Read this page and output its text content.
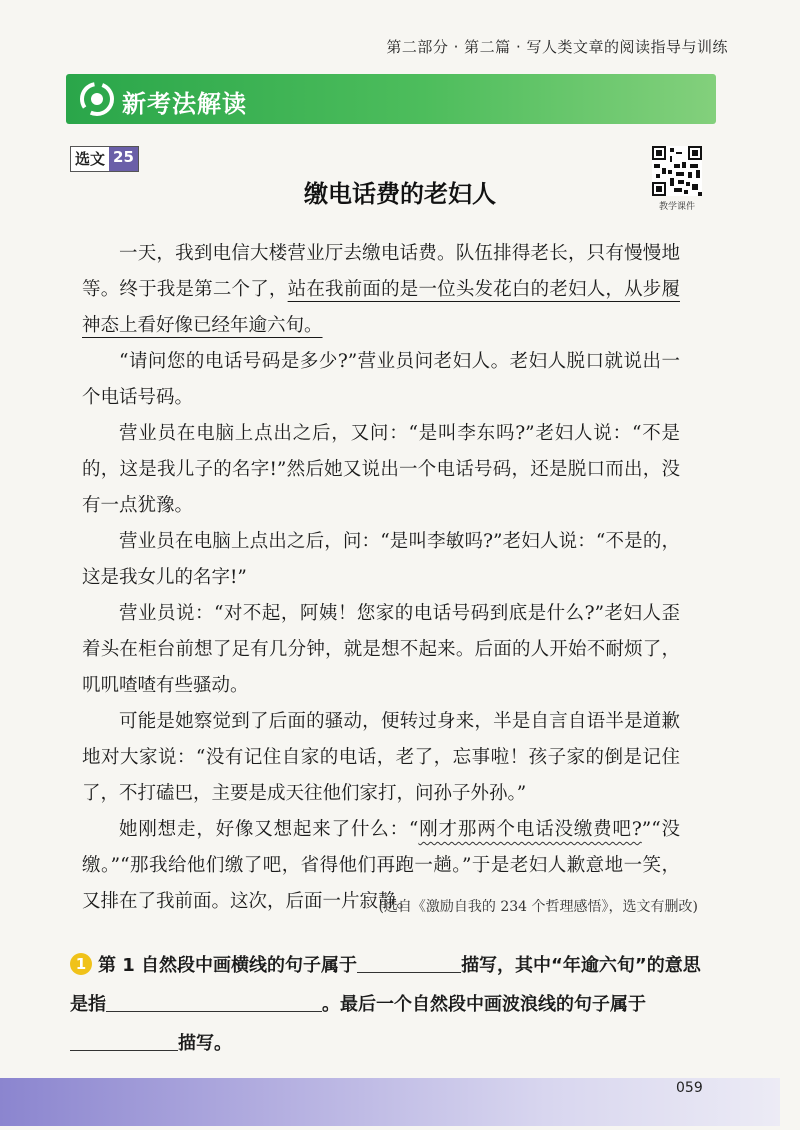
第二部分 · 第二篇 · 写人类文章的阅读指导与训练
新考法解读
选文 25
教学课件
缴电话费的老妇人

一天，我到电信大楼营业厅去缴电话费。队伍排得老长，只有慢慢地等。终于我是第二个了，站在我前面的是一位头发花白的老妇人，从步履神态上看好像已经年逾六旬。

“请问您的电话号码是多少?”营业员问老妇人。老妇人脱口就说出一个电话号码。

营业员在电脑上点出之后，又问：“是叫李东吗?”老妇人说：“不是的，这是我儿子的名字!”然后她又说出一个电话号码，还是脱口而出，没有一点犹豫。

营业员在电脑上点出之后，问：“是叫李敏吗?”老妇人说：“不是的，这是我女儿的名字!”

营业员说：“对不起，阿姨！您家的电话号码到底是什么?”老妇人歪着头在柜台前想了足有几分钟，就是想不起来。后面的人开始不耐烦了，叽叽喳喳有些骚动。

可能是她察觉到了后面的骚动，便转过身来，半是自言自语半是道歉地对大家说：“没有记住自家的电话，老了，忘事啦！孩子家的倒是记住了，不打磕巴，主要是成天往他们家打，问孙子外孙。”

她刚想走，好像又想起来了什么：“刚才那两个电话没缴费吧?”“没缴。”“那我给他们缴了吧，省得他们再跑一趟。”于是老妇人歉意地一笑，又排在了我前面。这次，后面一片寂静。

(选自《激励自我的 234 个哲理感悟》，选文有删改)
1 第 1 自然段中画横线的句子属于	描写，其中“年逾六旬”的意思是指	。最后一个自然段中画波浪线的句子属于描写。
059
